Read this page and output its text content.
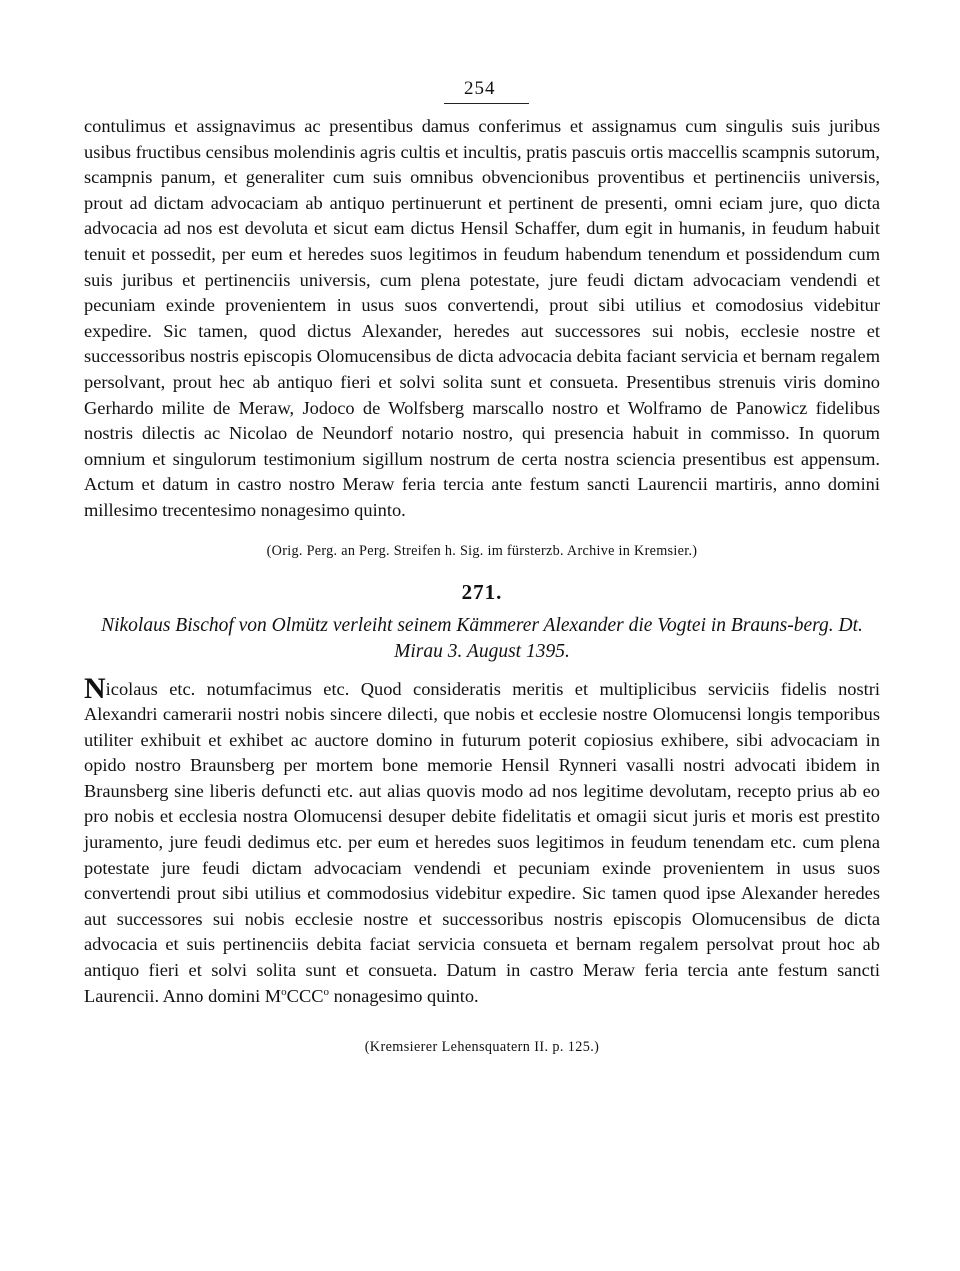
254

contulimus et assignavimus ac presentibus damus conferimus et assignamus cum singulis suis juribus usibus fructibus censibus molendinis agris cultis et incultis, pratis pascuis ortis maccellis scampnis sutorum, scampnis panum, et generaliter cum suis omnibus obvencionibus proventibus et pertinenciis universis, prout ad dictam advocaciam ab antiquo pertinuerunt et pertinent de presenti, omni eciam jure, quo dicta advocacia ad nos est devoluta et sicut eam dictus Hensil Schaffer, dum egit in humanis, in feudum habuit tenuit et possedit, per eum et heredes suos legitimos in feudum habendum tenendum et possidendum cum suis juribus et pertinenciis universis, cum plena potestate, jure feudi dictam advocaciam vendendi et pecuniam exinde provenientem in usus suos convertendi, prout sibi utilius et comodosius videbitur expedire. Sic tamen, quod dictus Alexander, heredes aut successores sui nobis, ecclesie nostre et successoribus nostris episcopis Olomucensibus de dicta advocacia debita faciant servicia et bernam regalem persolvant, prout hec ab antiquo fieri et solvi solita sunt et consueta. Presentibus strenuis viris domino Gerhardo milite de Meraw, Jodoco de Wolfsberg marscallo nostro et Wolframo de Panowicz fidelibus nostris dilectis ac Nicolao de Neundorf notario nostro, qui presencia habuit in commisso. In quorum omnium et singulorum testimonium sigillum nostrum de certa nostra sciencia presentibus est appensum. Actum et datum in castro nostro Meraw feria tercia ante festum sancti Laurencii martiris, anno domini millesimo trecentesimo nonagesimo quinto.

(Orig. Perg. an Perg. Streifen h. Sig. im fürsterzb. Archive in Kremsier.)

271.

Nikolaus Bischof von Olmütz verleiht seinem Kämmerer Alexander die Vogtei in Brauns-berg. Dt. Mirau 3. August 1395.

Nicolaus etc. notumfacimus etc. Quod consideratis meritis et multiplicibus serviciis fidelis nostri Alexandri camerarii nostri nobis sincere dilecti, que nobis et ecclesie nostre Olomucensi longis temporibus utiliter exhibuit et exhibet ac auctore domino in futurum poterit copiosius exhibere, sibi advocaciam in opido nostro Braunsberg per mortem bone memorie Hensil Rynneri vasalli nostri advocati ibidem in Braunsberg sine liberis defuncti etc. aut alias quovis modo ad nos legitime devolutam, recepto prius ab eo pro nobis et ecclesia nostra Olomucensi desuper debite fidelitatis et omagii sicut juris et moris est prestito juramento, jure feudi dedimus etc. per eum et heredes suos legitimos in feudum tenendam etc. cum plena potestate jure feudi dictam advocaciam vendendi et pecuniam exinde provenientem in usus suos convertendi prout sibi utilius et commodosius videbitur expedire. Sic tamen quod ipse Alexander heredes aut successores sui nobis ecclesie nostre et successoribus nostris episcopis Olomucensibus de dicta advocacia et suis pertinenciis debita faciat servicia consueta et bernam regalem persolvat prout hoc ab antiquo fieri et solvi solita sunt et consueta. Datum in castro Meraw feria tercia ante festum sancti Laurencii. Anno domini $M^oCCC^o$ nonagesimo quinto.

(Kremsierer Lehensquatern II. p. 125.)
